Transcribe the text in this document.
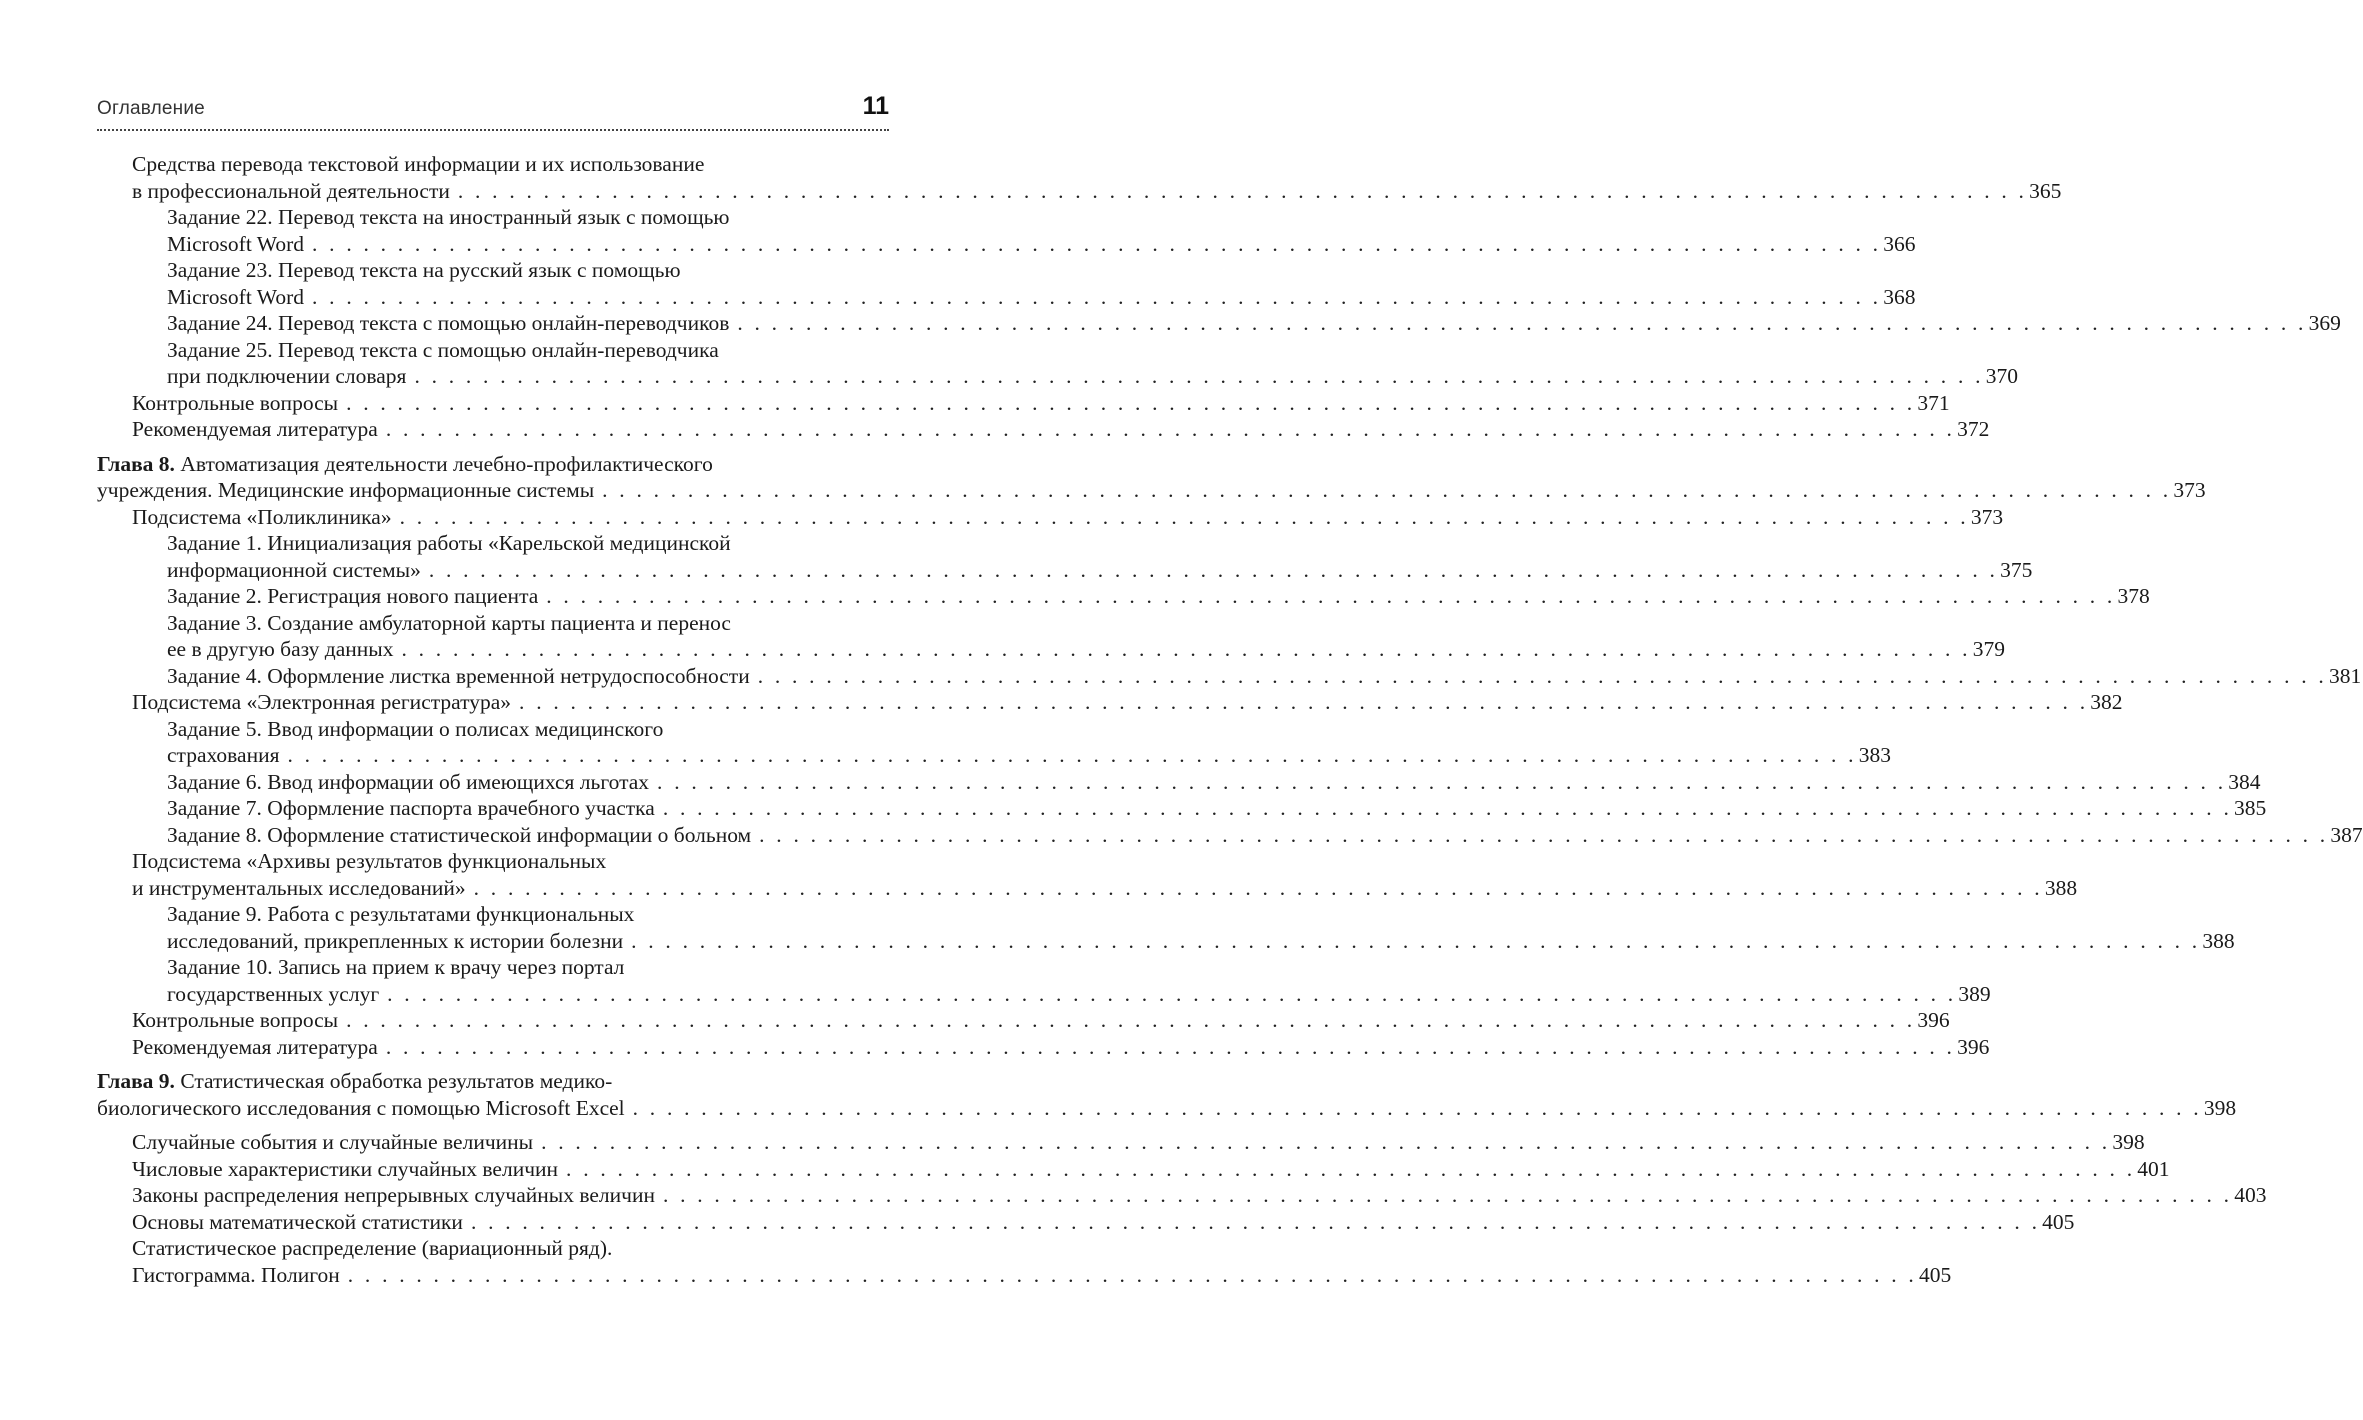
Оглавление	11
Средства перевода текстовой информации и их использование
в профессиональной деятельности . . . . . . . . . . . . . . . . . . . . . . . . . . . . . . . . . . . . . . . . . . . . . . . . . . . . . . . . . . . . . . . . . . . . . . . . . . . . . . . . . . . . . . . . . . . . 365
Задание 22. Перевод текста на иностранный язык с помощью
Microsoft Word . . . . . . . . . . . . . . . . . . . . . . . . . . . . . . . . . . . . . . . . . . . . . . . . . . . . . . . . . . . . . . . . . . . . . . . . . . . . . . . . . . . . . . . . . . . . 366
Задание 23. Перевод текста на русский язык с помощью
Microsoft Word . . . . . . . . . . . . . . . . . . . . . . . . . . . . . . . . . . . . . . . . . . . . . . . . . . . . . . . . . . . . . . . . . . . . . . . . . . . . . . . . . . . . . . . . . . . . 368
Задание 24. Перевод текста с помощью онлайн-переводчиков . . . . . . . . . . . . . . . . . . . . . . . . . . . . . . . . . . . . . . . . . . . . . . . . . . . . . . . . . . . . . . . . . . . . . . . . . . . . . . . . . . . . . . . . . . . . 369
Задание 25. Перевод текста с помощью онлайн-переводчика
при подключении словаря . . . . . . . . . . . . . . . . . . . . . . . . . . . . . . . . . . . . . . . . . . . . . . . . . . . . . . . . . . . . . . . . . . . . . . . . . . . . . . . . . . . . . . . . . . . . 370
Контрольные вопросы . . . . . . . . . . . . . . . . . . . . . . . . . . . . . . . . . . . . . . . . . . . . . . . . . . . . . . . . . . . . . . . . . . . . . . . . . . . . . . . . . . . . . . . . . . . . 371
Рекомендуемая литература . . . . . . . . . . . . . . . . . . . . . . . . . . . . . . . . . . . . . . . . . . . . . . . . . . . . . . . . . . . . . . . . . . . . . . . . . . . . . . . . . . . . . . . . . . . . 372
Глава 8. Автоматизация деятельности лечебно-профилактического
учреждения. Медицинские информационные системы . . . . . . . . . . . . . . . . . . . . . . . . . . . . . . . . . . . . . . . . . . . . . . . . . . . . . . . . . . . . . . . . . . . . . . . . . . . . . . . . . . . . . . . . . . . . 373
Подсистема «Поликлиника» . . . . . . . . . . . . . . . . . . . . . . . . . . . . . . . . . . . . . . . . . . . . . . . . . . . . . . . . . . . . . . . . . . . . . . . . . . . . . . . . . . . . . . . . . . . . 373
Задание 1. Инициализация работы «Карельской медицинской
информационной системы» . . . . . . . . . . . . . . . . . . . . . . . . . . . . . . . . . . . . . . . . . . . . . . . . . . . . . . . . . . . . . . . . . . . . . . . . . . . . . . . . . . . . . . . . . . . . 375
Задание 2. Регистрация нового пациента . . . . . . . . . . . . . . . . . . . . . . . . . . . . . . . . . . . . . . . . . . . . . . . . . . . . . . . . . . . . . . . . . . . . . . . . . . . . . . . . . . . . . . . . . . . . 378
Задание 3. Создание амбулаторной карты пациента и перенос
ее в другую базу данных . . . . . . . . . . . . . . . . . . . . . . . . . . . . . . . . . . . . . . . . . . . . . . . . . . . . . . . . . . . . . . . . . . . . . . . . . . . . . . . . . . . . . . . . . . . . 379
Задание 4. Оформление листка временной нетрудоспособности . . . . . . . . . . . . . . . . . . . . . . . . . . . . . . . . . . . . . . . . . . . . . . . . . . . . . . . . . . . . . . . . . . . . . . . . . . . . . . . . . . . . . . . . . . . . 381
Подсистема «Электронная регистратура» . . . . . . . . . . . . . . . . . . . . . . . . . . . . . . . . . . . . . . . . . . . . . . . . . . . . . . . . . . . . . . . . . . . . . . . . . . . . . . . . . . . . . . . . . . . . 382
Задание 5. Ввод информации о полисах медицинского
страхования . . . . . . . . . . . . . . . . . . . . . . . . . . . . . . . . . . . . . . . . . . . . . . . . . . . . . . . . . . . . . . . . . . . . . . . . . . . . . . . . . . . . . . . . . . . . 383
Задание 6. Ввод информации об имеющихся льготах . . . . . . . . . . . . . . . . . . . . . . . . . . . . . . . . . . . . . . . . . . . . . . . . . . . . . . . . . . . . . . . . . . . . . . . . . . . . . . . . . . . . . . . . . . . . 384
Задание 7. Оформление паспорта врачебного участка . . . . . . . . . . . . . . . . . . . . . . . . . . . . . . . . . . . . . . . . . . . . . . . . . . . . . . . . . . . . . . . . . . . . . . . . . . . . . . . . . . . . . . . . . . . . 385
Задание 8. Оформление статистической информации о больном . . . . . . . . . . . . . . . . . . . . . . . . . . . . . . . . . . . . . . . . . . . . . . . . . . . . . . . . . . . . . . . . . . . . . . . . . . . . . . . . . . . . . . . . . . . . 387
Подсистема «Архивы результатов функциональных
и инструментальных исследований» . . . . . . . . . . . . . . . . . . . . . . . . . . . . . . . . . . . . . . . . . . . . . . . . . . . . . . . . . . . . . . . . . . . . . . . . . . . . . . . . . . . . . . . . . . . . 388
Задание 9. Работа с результатами функциональных
исследований, прикрепленных к истории болезни . . . . . . . . . . . . . . . . . . . . . . . . . . . . . . . . . . . . . . . . . . . . . . . . . . . . . . . . . . . . . . . . . . . . . . . . . . . . . . . . . . . . . . . . . . . . 388
Задание 10. Запись на прием к врачу через портал
государственных услуг . . . . . . . . . . . . . . . . . . . . . . . . . . . . . . . . . . . . . . . . . . . . . . . . . . . . . . . . . . . . . . . . . . . . . . . . . . . . . . . . . . . . . . . . . . . . 389
Контрольные вопросы . . . . . . . . . . . . . . . . . . . . . . . . . . . . . . . . . . . . . . . . . . . . . . . . . . . . . . . . . . . . . . . . . . . . . . . . . . . . . . . . . . . . . . . . . . . . 396
Рекомендуемая литература . . . . . . . . . . . . . . . . . . . . . . . . . . . . . . . . . . . . . . . . . . . . . . . . . . . . . . . . . . . . . . . . . . . . . . . . . . . . . . . . . . . . . . . . . . . . 396
Глава 9. Статистическая обработка результатов медико-
биологического исследования с помощью Microsoft Excel . . . . . . . . . . . . . . . . . . . . . . . . . . . . . . . . . . . . . . . . . . . . . . . . . . . . . . . . . . . . . . . . . . . . . . . . . . . . . . . . . . . . . . . . . . . . 398
Случайные события и случайные величины . . . . . . . . . . . . . . . . . . . . . . . . . . . . . . . . . . . . . . . . . . . . . . . . . . . . . . . . . . . . . . . . . . . . . . . . . . . . . . . . . . . . . . . . . . . . 398
Числовые характеристики случайных величин . . . . . . . . . . . . . . . . . . . . . . . . . . . . . . . . . . . . . . . . . . . . . . . . . . . . . . . . . . . . . . . . . . . . . . . . . . . . . . . . . . . . . . . . . . . . 401
Законы распределения непрерывных случайных величин . . . . . . . . . . . . . . . . . . . . . . . . . . . . . . . . . . . . . . . . . . . . . . . . . . . . . . . . . . . . . . . . . . . . . . . . . . . . . . . . . . . . . . . . . . . . 403
Основы математической статистики . . . . . . . . . . . . . . . . . . . . . . . . . . . . . . . . . . . . . . . . . . . . . . . . . . . . . . . . . . . . . . . . . . . . . . . . . . . . . . . . . . . . . . . . . . . . 405
Статистическое распределение (вариационный ряд).
Гистограмма. Полигон . . . . . . . . . . . . . . . . . . . . . . . . . . . . . . . . . . . . . . . . . . . . . . . . . . . . . . . . . . . . . . . . . . . . . . . . . . . . . . . . . . . . . . . . . . . . 405
